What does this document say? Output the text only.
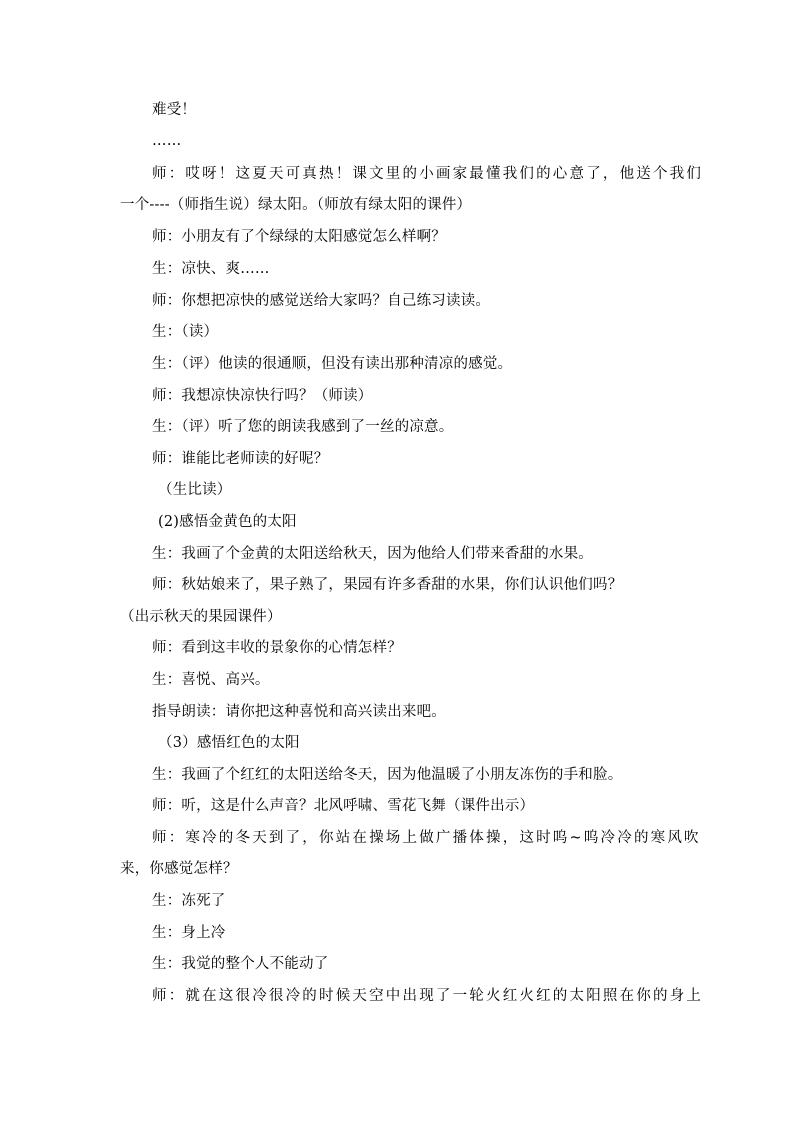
难受！
……
师：哎呀！这夏天可真热！课文里的小画家最懂我们的心意了，他送个我们
一个----（师指生说）绿太阳。（师放有绿太阳的课件）
师：小朋友有了个绿绿的太阳感觉怎么样啊？
生：凉快、爽……
师：你想把凉快的感觉送给大家吗？自己练习读读。
生：（读）
生：（评）他读的很通顺，但没有读出那种清凉的感觉。
师：我想凉快凉快行吗？（师读）
生：（评）听了您的朗读我感到了一丝的凉意。
师：谁能比老师读的好呢？
（生比读）
(2)感悟金黄色的太阳
生：我画了个金黄的太阳送给秋天，因为他给人们带来香甜的水果。
师：秋姑娘来了，果子熟了，果园有许多香甜的水果，你们认识他们吗？
（出示秋天的果园课件）
师：看到这丰收的景象你的心情怎样？
生：喜悦、高兴。
指导朗读：请你把这种喜悦和高兴读出来吧。
（3）感悟红色的太阳
生：我画了个红红的太阳送给冬天，因为他温暖了小朋友冻伤的手和脸。
师：听，这是什么声音？北风呼啸、雪花飞舞（课件出示）
师：寒冷的冬天到了，你站在操场上做广播体操，这时呜~呜冷冷的寒风吹
来，你感觉怎样？
生：冻死了
生：身上冷
生：我觉的整个人不能动了
师：就在这很冷很冷的时候天空中出现了一轮火红火红的太阳照在你的身上
